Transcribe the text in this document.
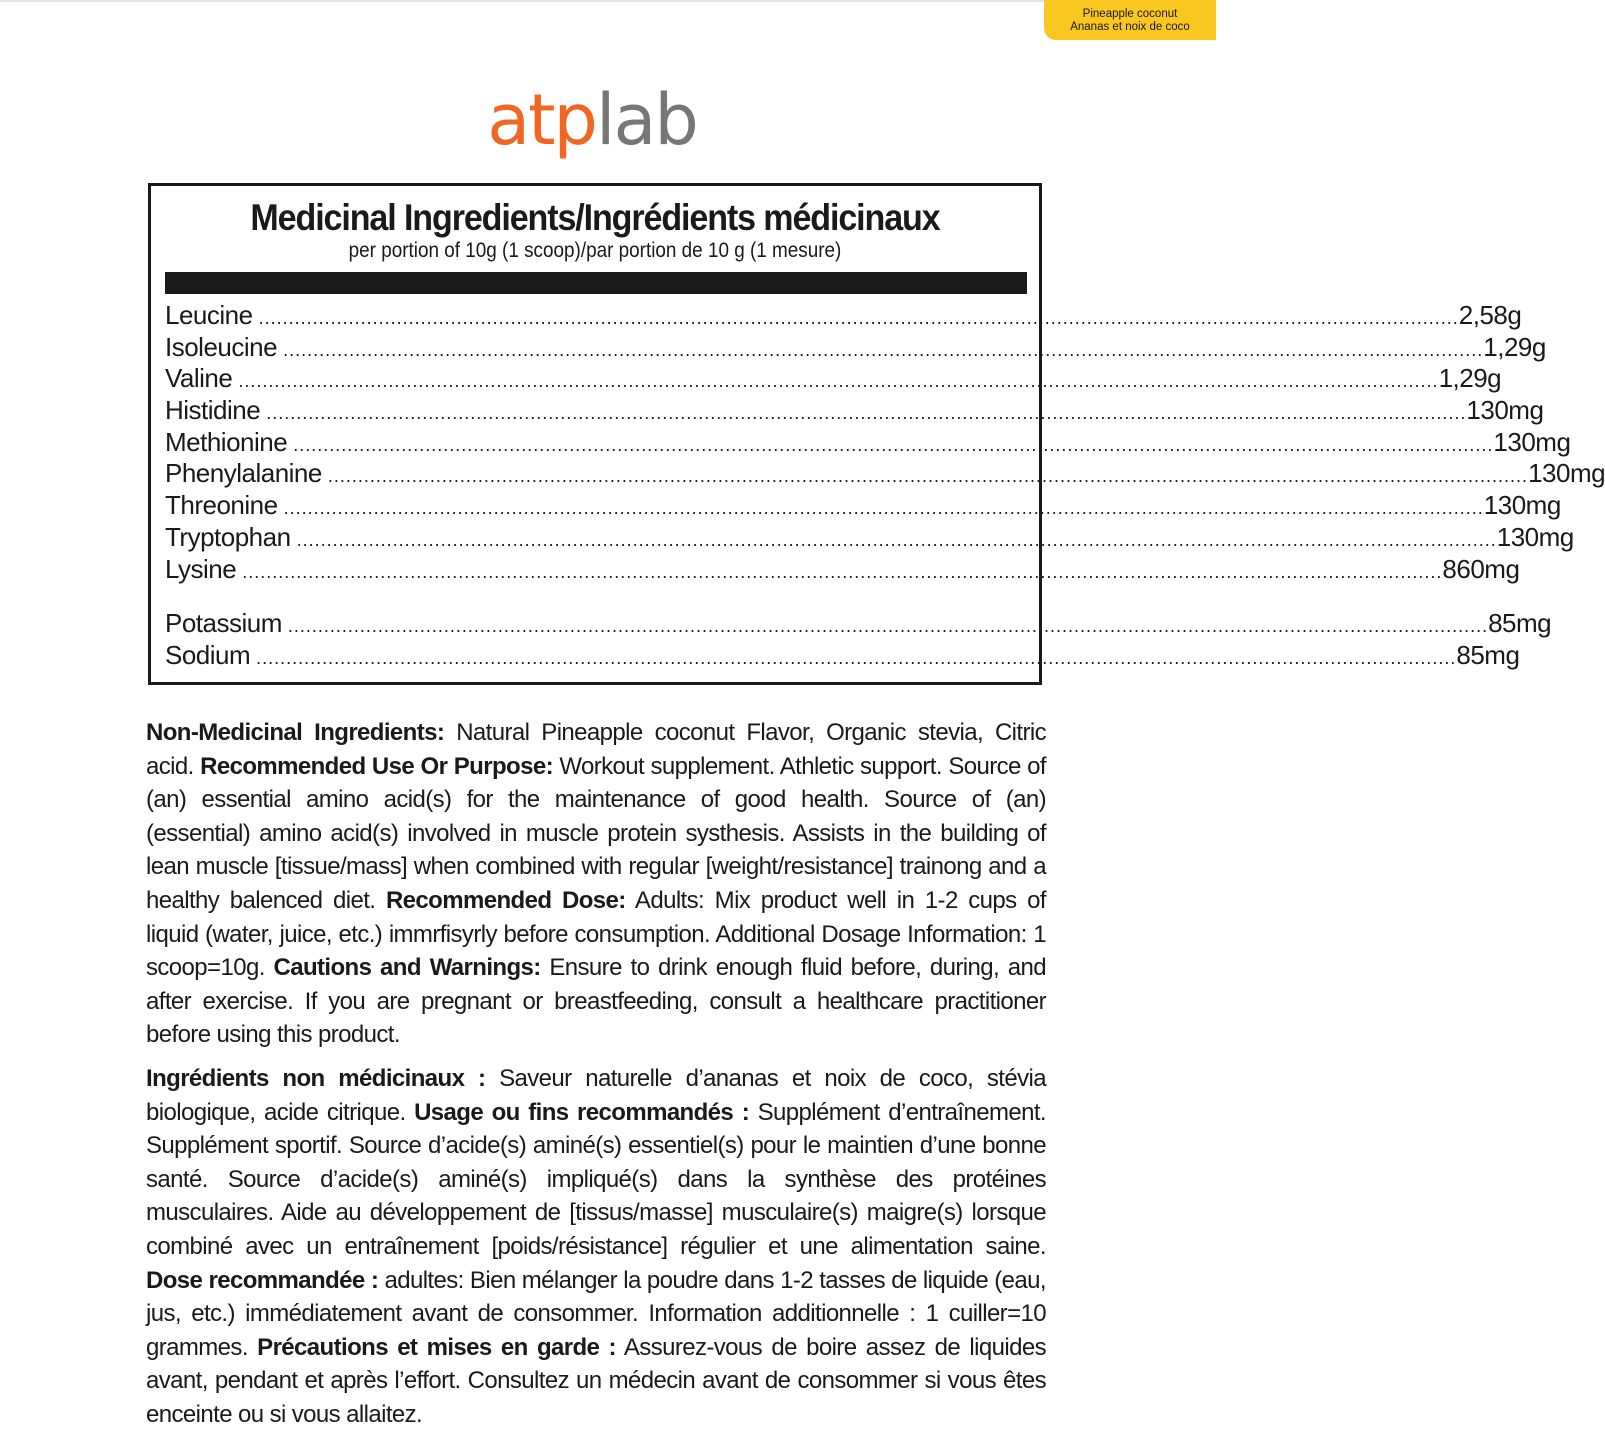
Pineapple coconut
Ananas et noix de coco
atplab
Medicinal Ingredients/Ingrédients médicinaux
per portion of 10g (1 scoop)/par portion de 10 g (1 mesure)
Leucine ........................................................................................................................................................................................................ 2,58g
Isoleucine ........................................................................................................................................................................................................ 1,29g
Valine ........................................................................................................................................................................................................ 1,29g
Histidine ........................................................................................................................................................................................................ 130mg
Methionine ........................................................................................................................................................................................................ 130mg
Phenylalanine ........................................................................................................................................................................................................ 130mg
Threonine ........................................................................................................................................................................................................ 130mg
Tryptophan ........................................................................................................................................................................................................ 130mg
Lysine ........................................................................................................................................................................................................ 860mg
Potassium ........................................................................................................................................................................................................ 85mg
Sodium ........................................................................................................................................................................................................ 85mg
Non-Medicinal Ingredients: Natural Pineapple coconut Flavor, Organic stevia, Citric acid. Recommended Use Or Purpose: Workout supplement. Athletic support. Source of (an) essential amino acid(s) for the maintenance of good health. Source of (an) (essential) amino acid(s) involved in muscle protein systhesis. Assists in the building of lean muscle [tissue/mass] when combined with regular [weight/resistance] trainong and a healthy balenced diet. Recommended Dose: Adults: Mix product well in 1-2 cups of liquid (water, juice, etc.) immrfisyrly before consumption. Additional Dosage Information: 1 scoop=10g. Cautions and Warnings: Ensure to drink enough fluid before, during, and after exercise. If you are pregnant or breastfeeding, consult a healthcare practitioner before using this product.
Ingrédients non médicinaux : Saveur naturelle d’ananas et noix de coco, stévia biologique, acide citrique. Usage ou fins recommandés : Supplément d’entraînement. Supplément sportif. Source d’acide(s) aminé(s) essentiel(s) pour le maintien d’une bonne santé. Source d’acide(s) aminé(s) impliqué(s) dans la synthèse des protéines musculaires. Aide au développement de [tissus/masse] musculaire(s) maigre(s) lorsque combiné avec un entraînement [poids/résistance] régulier et une alimentation saine. Dose recommandée : adultes: Bien mélanger la poudre dans 1-2 tasses de liquide (eau, jus, etc.) immédiatement avant de consommer. Information additionnelle : 1 cuiller=10 grammes. Précautions et mises en garde : Assurez-vous de boire assez de liquides avant, pendant et après l’effort. Consultez un médecin avant de consommer si vous êtes enceinte ou si vous allaitez.
